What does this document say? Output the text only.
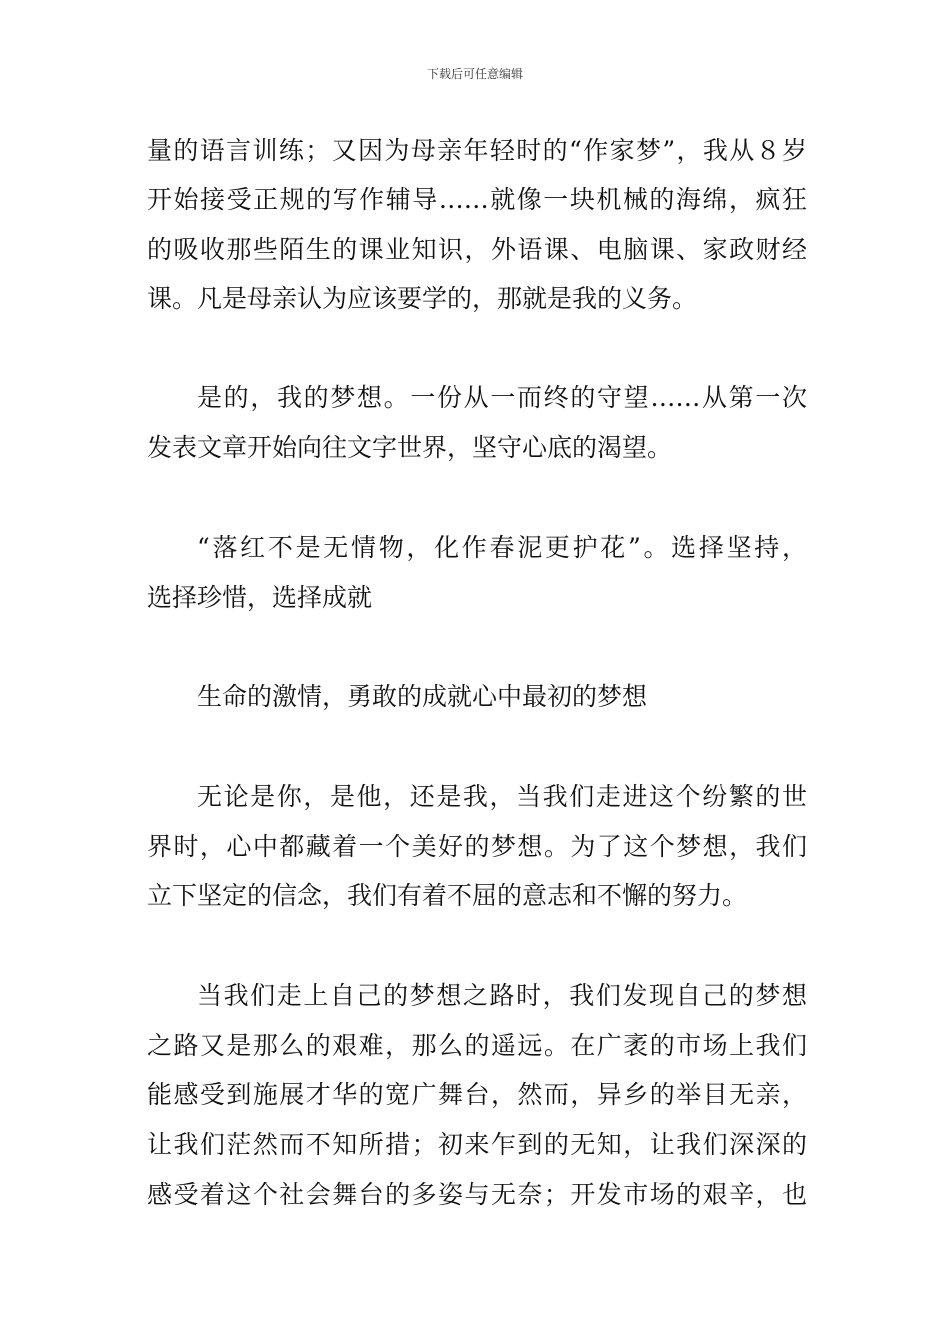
下载后可任意编辑
量的语言训练；又因为母亲年轻时的“作家梦”，我从８岁
开始接受正规的写作辅导……就像一块机械的海绵，疯狂
的吸收那些陌生的课业知识，外语课、电脑课、家政财经
课。凡是母亲认为应该要学的，那就是我的义务。
是的，我的梦想。一份从一而终的守望……从第一次
发表文章开始向往文字世界，坚守心底的渴望。
“落红不是无情物，化作春泥更护花”。选择坚持，
选择珍惜，选择成就
生命的激情，勇敢的成就心中最初的梦想
无论是你，是他，还是我，当我们走进这个纷繁的世
界时，心中都藏着一个美好的梦想。为了这个梦想，我们
立下坚定的信念，我们有着不屈的意志和不懈的努力。
当我们走上自己的梦想之路时，我们发现自己的梦想
之路又是那么的艰难，那么的遥远。在广袤的市场上我们
能感受到施展才华的宽广舞台，然而，异乡的举目无亲，
让我们茫然而不知所措；初来乍到的无知，让我们深深的
感受着这个社会舞台的多姿与无奈；开发市场的艰辛，也
